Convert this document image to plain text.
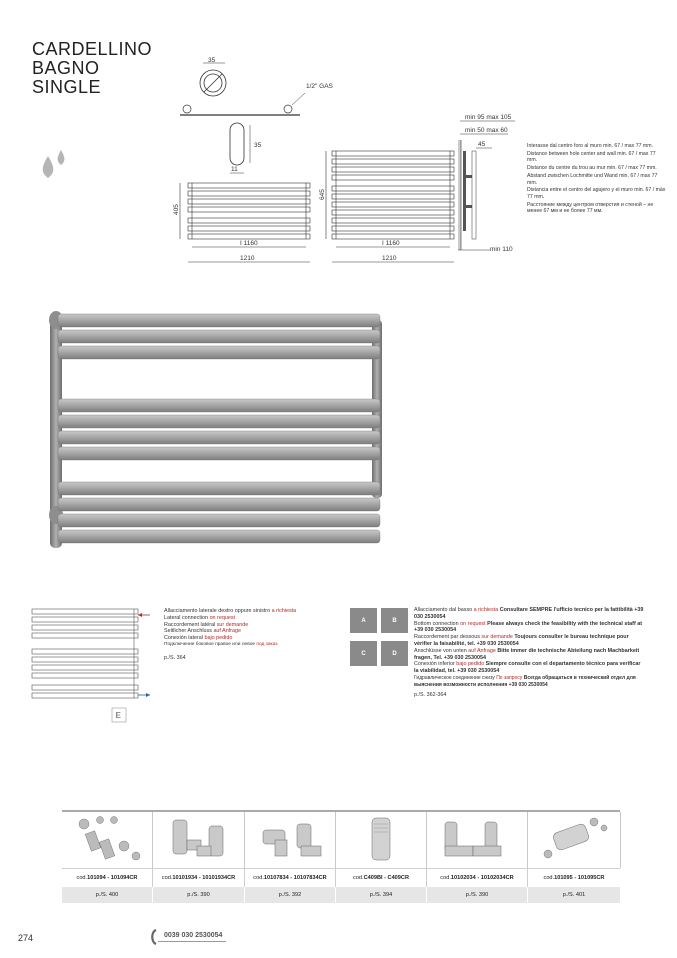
CARDELLINO
BAGNO
SINGLE
35
1/2" GAS
35
11
405
I 1160
1210
645
I 1160
1210
min 95 max 105
min 50 max 60
45
min 110

Interasse dal centro foro al muro min. 67 / max 77 mm.

Distance between hole center and wall min. 67 / max 77 mm.

Distance du centre du trou au mur min. 67 / max 77 mm.

Abstand zwischen Lochmitte und Wand min. 67 / max 77 mm.

Distancia entre el centro del agujero y el muro min. 67 / máx 77 mm.

Расстояние между центром отверстия и стеной – не менее 67 мм и не более 77 мм.

E
Allacciamento laterale destro oppure sinistro a richiesta
Lateral connection on request
Raccordement latéral sur demande
Seitlicher Anschluss auf Anfrage
Conexión lateral bajo pedido
Подключение боковое правое или левое под заказ
p./S. 364
A	B
C	D
Allacciamento dal basso a richiesta Consultare SEMPRE l'ufficio tecnico per la fattibilità +39 030 2530054
Bottom connection on request Please always check the feasibility with the technical staff at +39 030 2530054
Raccordement par dessous sur demande Toujours consulter le bureau technique pour vérifier la faisabilité, tel. +39 030 2530054
Anschlüsse von unten auf Anfrage Bitte immer die technische Abteilung nach Machbarkeit fragen, Tel. +39 030 2530054
Conexión inferior bajo pedido Siempre consulte con el departamento técnico para verificar la viabilidad, tel. +39 030 2530054
Гидравлическое соединение снизу По запросу Всегда обращаться в технический отдел для выяснения возможности исполнения +39 030 2530054
p./S. 362-364
cod. 101094 - 101094CR	cod. 10101934 - 10101934CR	cod. 10107834 - 10107834CR	cod. C409BI - C409CR	cod. 10102034 - 10102034CR	cod. 101095 - 101095CR
p./S. 400	p./S. 390	p./S. 392	p./S. 394	p./S. 390	p./S. 401
274	0039 030 2530054
